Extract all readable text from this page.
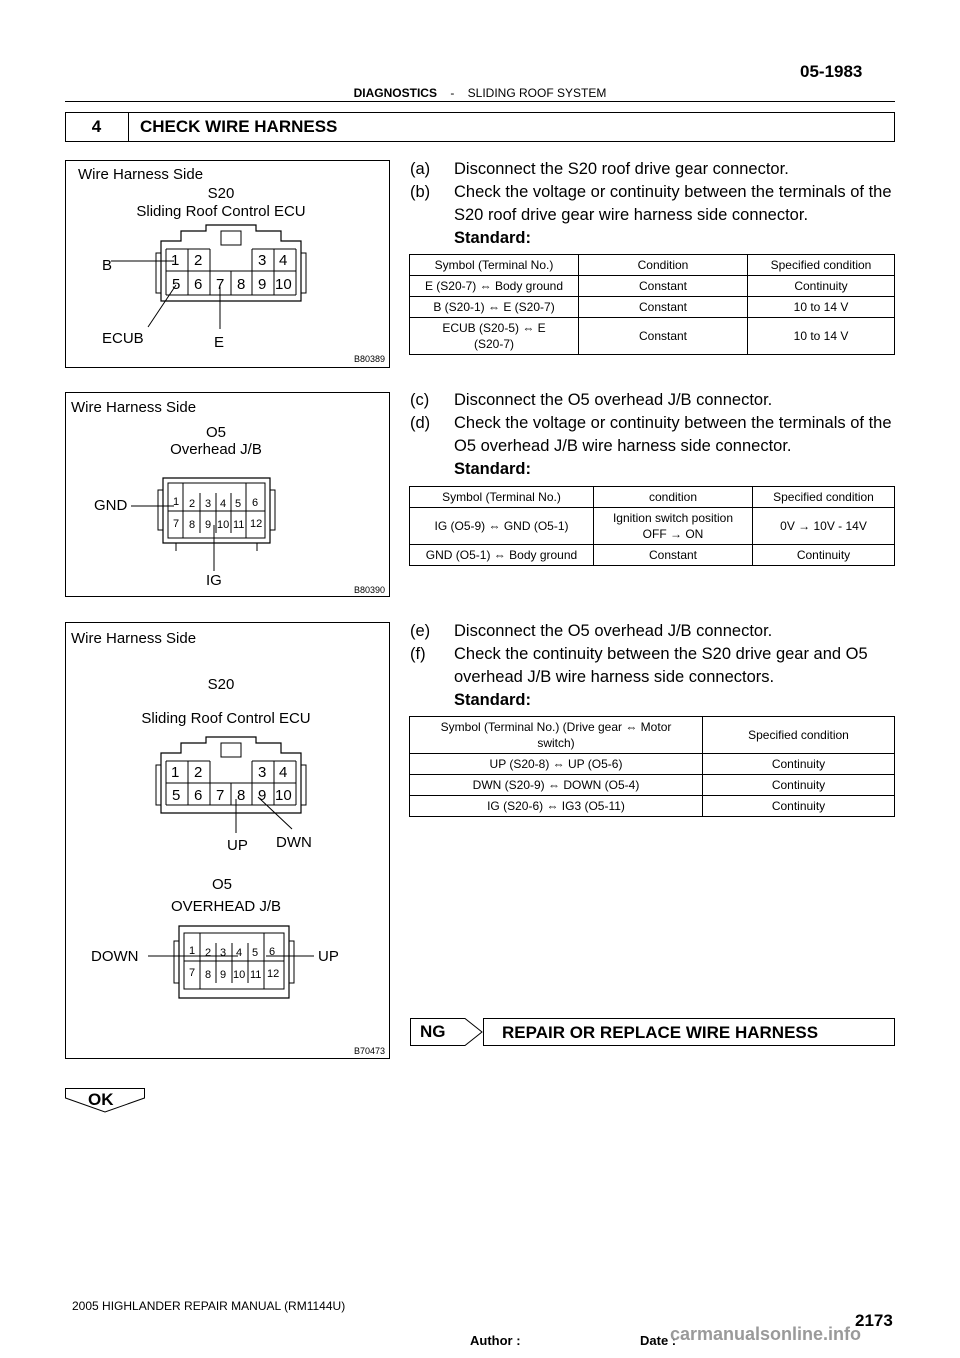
05-1983
DIAGNOSTICS - SLIDING ROOF SYSTEM
4	CHECK WIRE HARNESS
Wire Harness Side
S20
Sliding Roof Control ECU
1 2	3 4
5 6 7 8 9 10
B
ECUB	E
B80389
Wire Harness Side
O5
Overhead J/B
1 2 3 4 5 6
7 8 9 10 11 12
GND
IG
B80390
Wire Harness Side
S20
Sliding Roof Control ECU
1 2	3 4
5 6 7 8 9 10
UP DWN
O5
OVERHEAD J/B
1 2 3 4 5 6
7 8 9 10 11 12
DOWN	UP
B70473
(a) Disconnect the S20 roof drive gear connector.
(b) Check the voltage or continuity between the terminals of the S20 roof drive gear wire harness side connector.
Standard:
Symbol (Terminal No.)	Condition	Specified condition
E (S20-7) ⇔ Body ground	Constant	Continuity
B (S20-1) ⇔ E (S20-7)	Constant	10 to 14 V
ECUB (S20-5) ⇔ E (S20-7)	Constant	10 to 14 V
(c) Disconnect the O5 overhead J/B connector.
(d) Check the voltage or continuity between the terminals of the O5 overhead J/B wire harness side connector.
Standard:
Symbol (Terminal No.)	condition	Specified condition
IG (O5-9) ⇔ GND (O5-1)	Ignition switch position OFF → ON	0V → 10V - 14V
GND (O5-1) ⇔ Body ground	Constant	Continuity
(e) Disconnect the O5 overhead J/B connector.
(f) Check the continuity between the S20 drive gear and O5 overhead J/B wire harness side connectors.
Standard:
Symbol (Terminal No.) (Drive gear ⇔ Motor switch)	Specified condition
UP (S20-8) ⇔ UP (O5-6)	Continuity
DWN (S20-9) ⇔ DOWN (O5-4)	Continuity
IG (S20-6) ⇔ IG3 (O5-11)	Continuity
NG	REPAIR OR REPLACE WIRE HARNESS
OK
2005 HIGHLANDER REPAIR MANUAL (RM1144U)
2173
Author :	Date :
carmanualsonline.info
